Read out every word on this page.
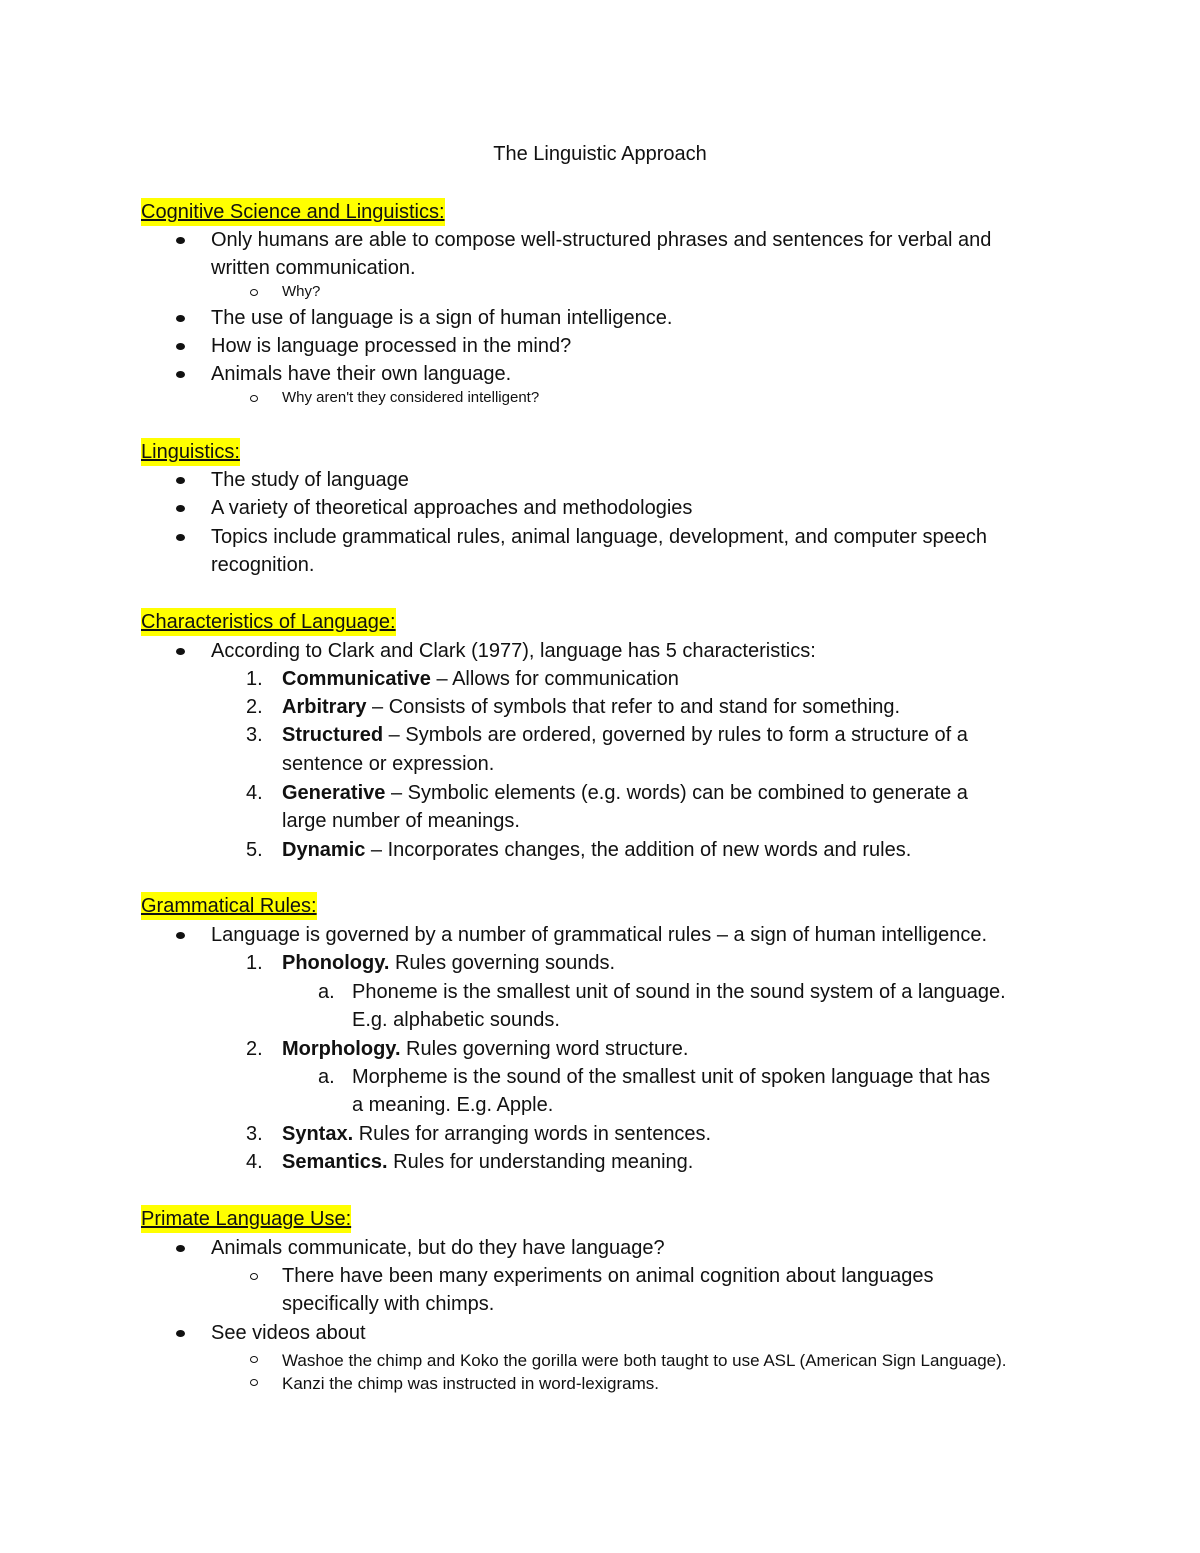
The Linguistic Approach
Cognitive Science and Linguistics:
Only humans are able to compose well-structured phrases and sentences for verbal and
written communication.
Why?
The use of language is a sign of human intelligence.
How is language processed in the mind?
Animals have their own language.
Why aren't they considered intelligent?
Linguistics:
The study of language
A variety of theoretical approaches and methodologies
Topics include grammatical rules, animal language, development, and computer speech
recognition.
Characteristics of Language:
According to Clark and Clark (1977), language has 5 characteristics:
1. Communicative – Allows for communication
2. Arbitrary – Consists of symbols that refer to and stand for something.
3. Structured – Symbols are ordered, governed by rules to form a structure of a
sentence or expression.
4. Generative – Symbolic elements (e.g. words) can be combined to generate a
large number of meanings.
5. Dynamic – Incorporates changes, the addition of new words and rules.
Grammatical Rules:
Language is governed by a number of grammatical rules – a sign of human intelligence.
1. Phonology. Rules governing sounds.
a. Phoneme is the smallest unit of sound in the sound system of a language.
E.g. alphabetic sounds.
2. Morphology. Rules governing word structure.
a. Morpheme is the sound of the smallest unit of spoken language that has
a meaning. E.g. Apple.
3. Syntax. Rules for arranging words in sentences.
4. Semantics. Rules for understanding meaning.
Primate Language Use:
Animals communicate, but do they have language?
There have been many experiments on animal cognition about languages
specifically with chimps.
See videos about
Washoe the chimp and Koko the gorilla were both taught to use ASL (American Sign Language).
Kanzi the chimp was instructed in word-lexigrams.
